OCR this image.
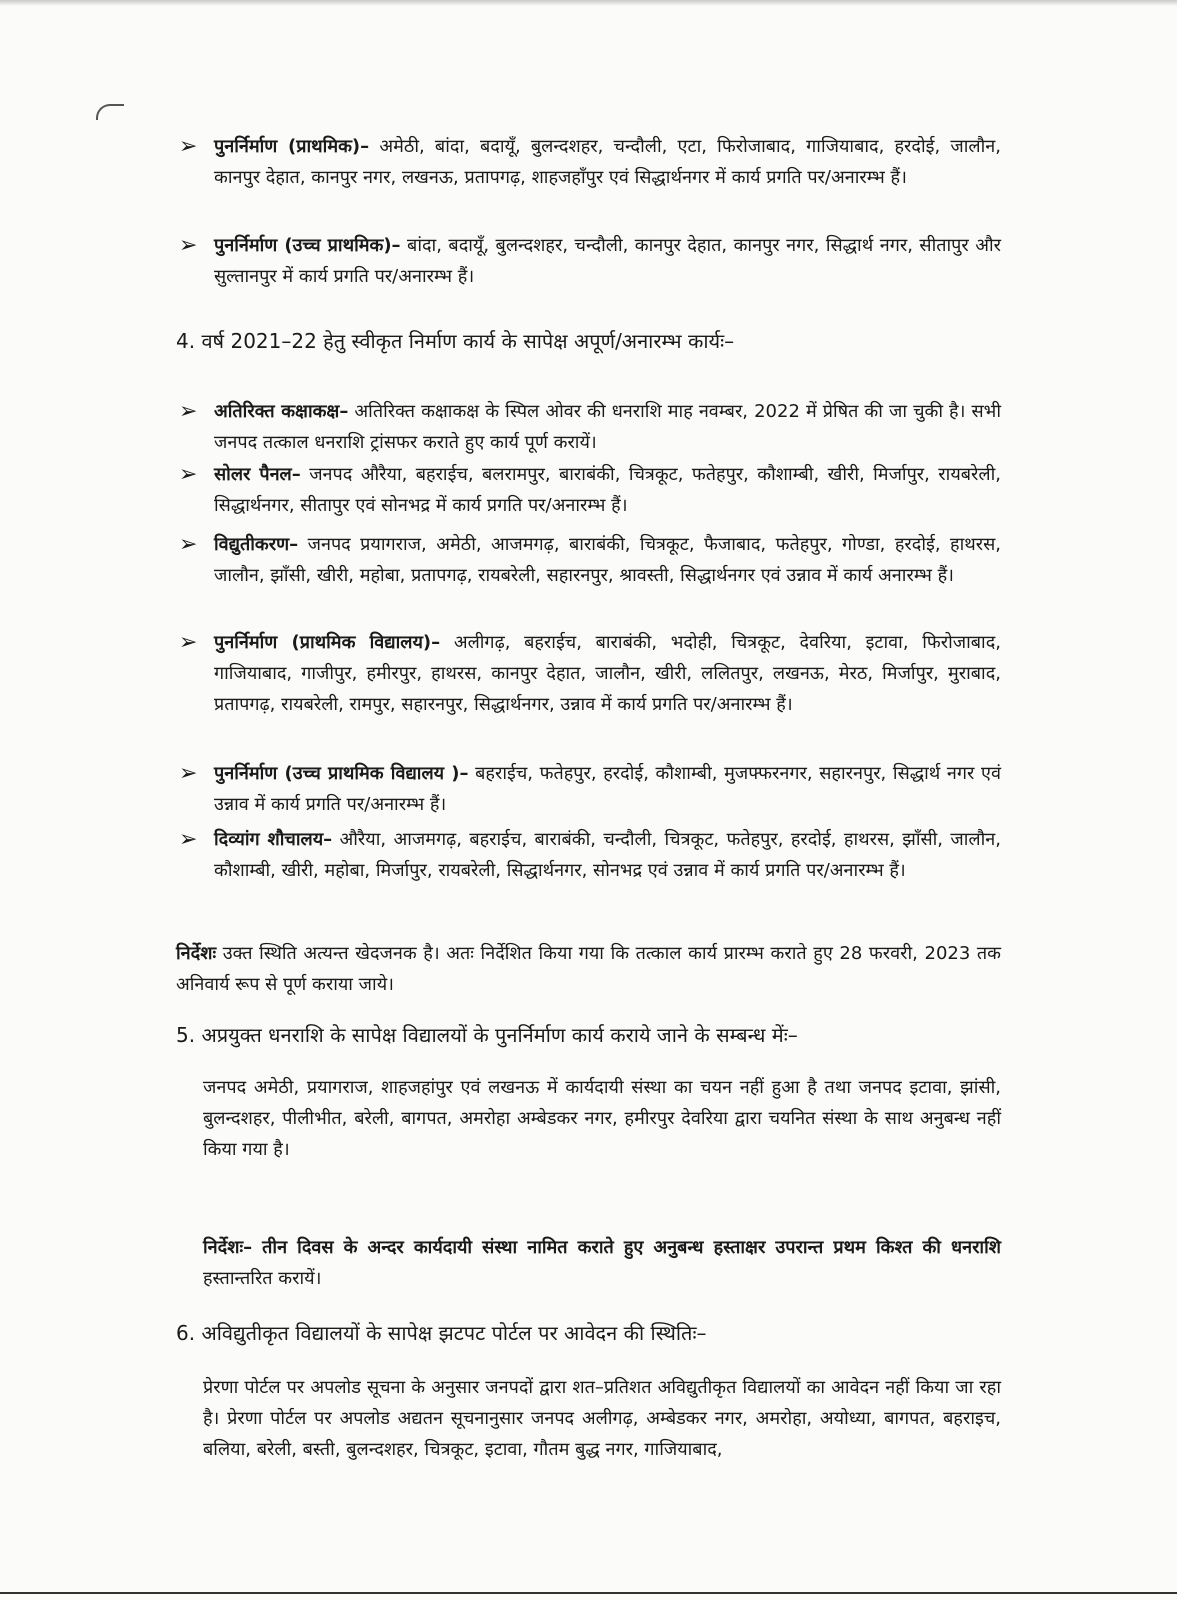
➢ पुनर्निर्माण (प्राथमिक)– अमेठी, बांदा, बदायूँ, बुलन्दशहर, चन्दौली, एटा, फिरोजाबाद, गाजियाबाद, हरदोई, जालौन, कानपुर देहात, कानपुर नगर, लखनऊ, प्रतापगढ़, शाहजहाँपुर एवं सिद्धार्थनगर में कार्य प्रगति पर/अनारम्भ हैं।
➢ पुनर्निर्माण (उच्च प्राथमिक)– बांदा, बदायूँ, बुलन्दशहर, चन्दौली, कानपुर देहात, कानपुर नगर, सिद्धार्थ नगर, सीतापुर और सुल्तानपुर में कार्य प्रगति पर/अनारम्भ हैं।
4. वर्ष 2021–22 हेतु स्वीकृत निर्माण कार्य के सापेक्ष अपूर्ण/अनारम्भ कार्यः–
➢ अतिरिक्त कक्षाकक्ष– अतिरिक्त कक्षाकक्ष के स्पिल ओवर की धनराशि माह नवम्बर, 2022 में प्रेषित की जा चुकी है। सभी जनपद तत्काल धनराशि ट्रांसफर कराते हुए कार्य पूर्ण करायें।
➢ सोलर पैनल– जनपद औरैया, बहराईच, बलरामपुर, बाराबंकी, चित्रकूट, फतेहपुर, कौशाम्बी, खीरी, मिर्जापुर, रायबरेली, सिद्धार्थनगर, सीतापुर एवं सोनभद्र में कार्य प्रगति पर/अनारम्भ हैं।
➢ विद्युतीकरण– जनपद प्रयागराज, अमेठी, आजमगढ़, बाराबंकी, चित्रकूट, फैजाबाद, फतेहपुर, गोण्डा, हरदोई, हाथरस, जालौन, झाँसी, खीरी, महोबा, प्रतापगढ़, रायबरेली, सहारनपुर, श्रावस्ती, सिद्धार्थनगर एवं उन्नाव में कार्य अनारम्भ हैं।
➢ पुनर्निर्माण (प्राथमिक विद्यालय)– अलीगढ़, बहराईच, बाराबंकी, भदोही, चित्रकूट, देवरिया, इटावा, फिरोजाबाद, गाजियाबाद, गाजीपुर, हमीरपुर, हाथरस, कानपुर देहात, जालौन, खीरी, ललितपुर, लखनऊ, मेरठ, मिर्जापुर, मुराबाद, प्रतापगढ़, रायबरेली, रामपुर, सहारनपुर, सिद्धार्थनगर, उन्नाव में कार्य प्रगति पर/अनारम्भ हैं।
➢ पुनर्निर्माण (उच्च प्राथमिक विद्यालय )– बहराईच, फतेहपुर, हरदोई, कौशाम्बी, मुजफ्फरनगर, सहारनपुर, सिद्धार्थ नगर एवं उन्नाव में कार्य प्रगति पर/अनारम्भ हैं।
➢ दिव्यांग शौचालय– औरैया, आजमगढ़, बहराईच, बाराबंकी, चन्दौली, चित्रकूट, फतेहपुर, हरदोई, हाथरस, झाँसी, जालौन, कौशाम्बी, खीरी, महोबा, मिर्जापुर, रायबरेली, सिद्धार्थनगर, सोनभद्र एवं उन्नाव में कार्य प्रगति पर/अनारम्भ हैं।
निर्देशः उक्त स्थिति अत्यन्त खेदजनक है। अतः निर्देशित किया गया कि तत्काल कार्य प्रारम्भ कराते हुए 28 फरवरी, 2023 तक अनिवार्य रूप से पूर्ण कराया जाये।
5. अप्रयुक्त धनराशि के सापेक्ष विद्यालयों के पुनर्निर्माण कार्य कराये जाने के सम्बन्ध मेंः–
जनपद अमेठी, प्रयागराज, शाहजहांपुर एवं लखनऊ में कार्यदायी संस्था का चयन नहीं हुआ है तथा जनपद इटावा, झांसी, बुलन्दशहर, पीलीभीत, बरेली, बागपत, अमरोहा अम्बेडकर नगर, हमीरपुर देवरिया द्वारा चयनित संस्था के साथ अनुबन्ध नहीं किया गया है।
निर्देशः– तीन दिवस के अन्दर कार्यदायी संस्था नामित कराते हुए अनुबन्ध हस्ताक्षर उपरान्त प्रथम किश्त की धनराशि हस्तान्तरित करायें।
6. अविद्युतीकृत विद्यालयों के सापेक्ष झटपट पोर्टल पर आवेदन की स्थितिः–
प्रेरणा पोर्टल पर अपलोड सूचना के अनुसार जनपदों द्वारा शत–प्रतिशत अविद्युतीकृत विद्यालयों का आवेदन नहीं किया जा रहा है। प्रेरणा पोर्टल पर अपलोड अद्यतन सूचनानुसार जनपद अलीगढ़, अम्बेडकर नगर, अमरोहा, अयोध्या, बागपत, बहराइच, बलिया, बरेली, बस्ती, बुलन्दशहर, चित्रकूट, इटावा, गौतम बुद्ध नगर, गाजियाबाद,
